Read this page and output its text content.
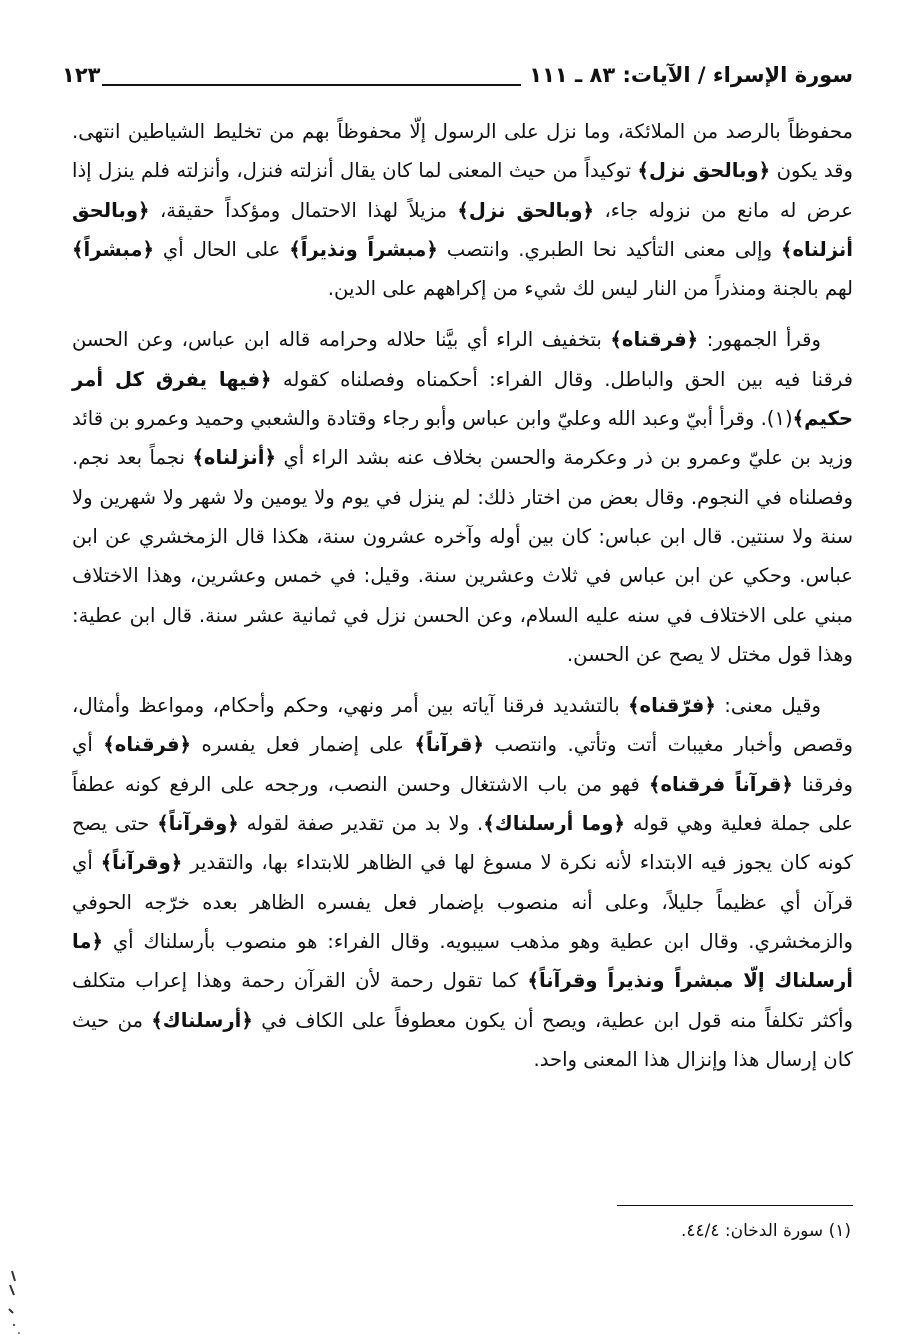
سورة الإسراء / الآيات: ٨٣ ـ ١١١
١٢٣

محفوظاً بالرصد من الملائكة، وما نزل على الرسول إلّا محفوظاً بهم من تخليط الشياطين انتهى. وقد يكون ﴿وبالحق نزل﴾ توكيداً من حيث المعنى لما كان يقال أنزلته فنزل، وأنزلته فلم ينزل إذا عرض له مانع من نزوله جاء، ﴿وبالحق نزل﴾ مزيلاً لهذا الاحتمال ومؤكداً حقيقة، ﴿وبالحق أنزلناه﴾ وإلى معنى التأكيد نحا الطبري. وانتصب ﴿مبشراً ونذيراً﴾ على الحال أي ﴿مبشراً﴾ لهم بالجنة ومنذراً من النار ليس لك شيء من إكراههم على الدين.

وقرأ الجمهور: ﴿فرقناه﴾ بتخفيف الراء أي بيَّنا حلاله وحرامه قاله ابن عباس، وعن الحسن فرقنا فيه بين الحق والباطل. وقال الفراء: أحكمناه وفصلناه كقوله ﴿فيها يفرق كل أمر حكيم﴾(١). وقرأ أبيّ وعبد الله وعليّ وابن عباس وأبو رجاء وقتادة والشعبي وحميد وعمرو بن قائد وزيد بن عليّ وعمرو بن ذر وعكرمة والحسن بخلاف عنه بشد الراء أي ﴿أنزلناه﴾ نجماً بعد نجم. وفصلناه في النجوم. وقال بعض من اختار ذلك: لم ينزل في يوم ولا يومين ولا شهر ولا شهرين ولا سنة ولا سنتين. قال ابن عباس: كان بين أوله وآخره عشرون سنة، هكذا قال الزمخشري عن ابن عباس. وحكي عن ابن عباس في ثلاث وعشرين سنة. وقيل: في خمس وعشرين، وهذا الاختلاف مبني على الاختلاف في سنه عليه السلام، وعن الحسن نزل في ثمانية عشر سنة. قال ابن عطية: وهذا قول مختل لا يصح عن الحسن.

وقيل معنى: ﴿فرّقناه﴾ بالتشديد فرقنا آياته بين أمر ونهي، وحكم وأحكام، ومواعظ وأمثال، وقصص وأخبار مغيبات أتت وتأتي. وانتصب ﴿قرآناً﴾ على إضمار فعل يفسره ﴿فرقناه﴾ أي وفرقنا ﴿قرآناً فرقناه﴾ فهو من باب الاشتغال وحسن النصب، ورجحه على الرفع كونه عطفاً على جملة فعلية وهي قوله ﴿وما أرسلناك﴾. ولا بد من تقدير صفة لقوله ﴿وقرآناً﴾ حتى يصح كونه كان يجوز فيه الابتداء لأنه نكرة لا مسوغ لها في الظاهر للابتداء بها، والتقدير ﴿وقرآناً﴾ أي قرآن أي عظيماً جليلاً، وعلى أنه منصوب بإضمار فعل يفسره الظاهر بعده خرّجه الحوفي والزمخشري. وقال ابن عطية وهو مذهب سيبويه. وقال الفراء: هو منصوب بأرسلناك أي ﴿ما أرسلناك إلّا مبشراً ونذيراً وقرآناً﴾ كما تقول رحمة لأن القرآن رحمة وهذا إعراب متكلف وأكثر تكلفاً منه قول ابن عطية، ويصح أن يكون معطوفاً على الكاف في ﴿أرسلناك﴾ من حيث كان إرسال هذا وإنزال هذا المعنى واحد.

(١) سورة الدخان: ٤٤/٤.
